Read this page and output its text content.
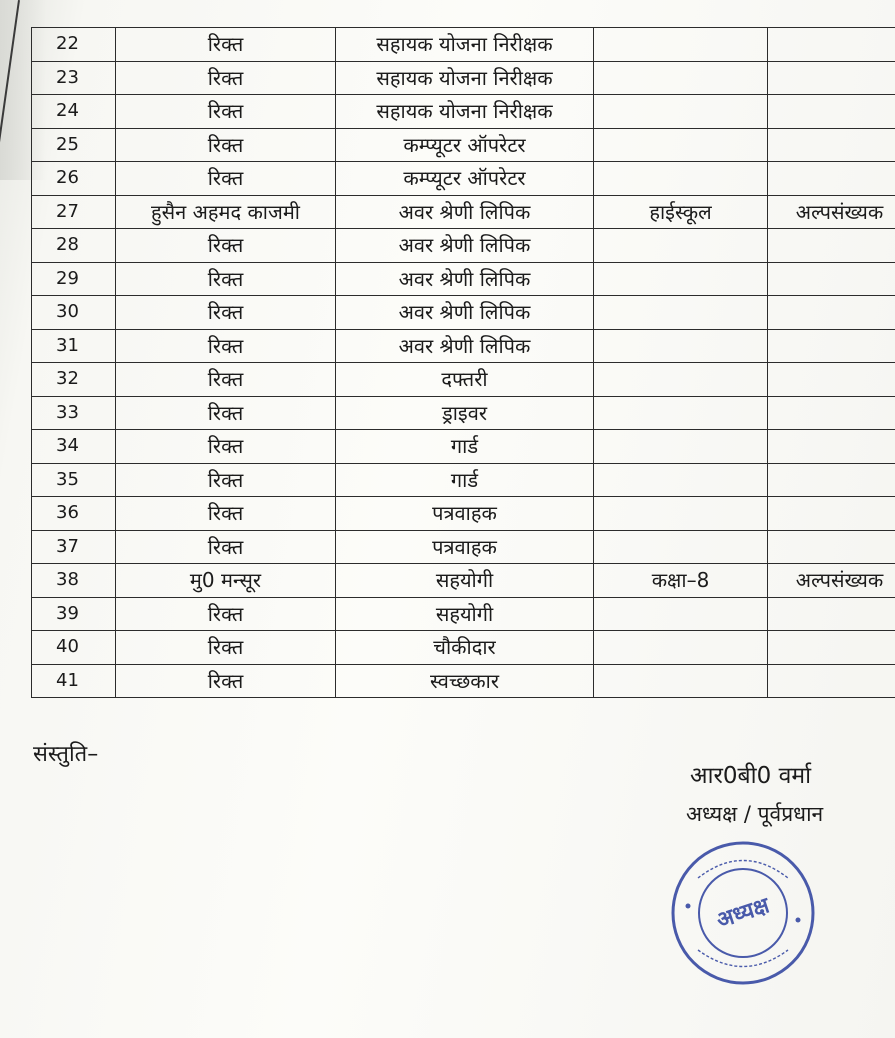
22	रिक्त	सहायक योजना निरीक्षक		
23	रिक्त	सहायक योजना निरीक्षक		
24	रिक्त	सहायक योजना निरीक्षक		
25	रिक्त	कम्प्यूटर ऑपरेटर		
26	रिक्त	कम्प्यूटर ऑपरेटर		
27	हुसैन अहमद काजमी	अवर श्रेणी लिपिक	हाईस्कूल	अल्पसंख्यक
28	रिक्त	अवर श्रेणी लिपिक		
29	रिक्त	अवर श्रेणी लिपिक		
30	रिक्त	अवर श्रेणी लिपिक		
31	रिक्त	अवर श्रेणी लिपिक		
32	रिक्त	दफ्तरी		
33	रिक्त	ड्राइवर		
34	रिक्त	गार्ड		
35	रिक्त	गार्ड		
36	रिक्त	पत्रवाहक		
37	रिक्त	पत्रवाहक		
38	मु0 मन्सूर	सहयोगी	कक्षा–8	अल्पसंख्यक
39	रिक्त	सहयोगी		
40	रिक्त	चौकीदार		
41	रिक्त	स्वच्छकार		
संस्तुति–
आर0बी0 वर्मा
अध्यक्ष / पूर्वप्रधान
अध्यक्ष
